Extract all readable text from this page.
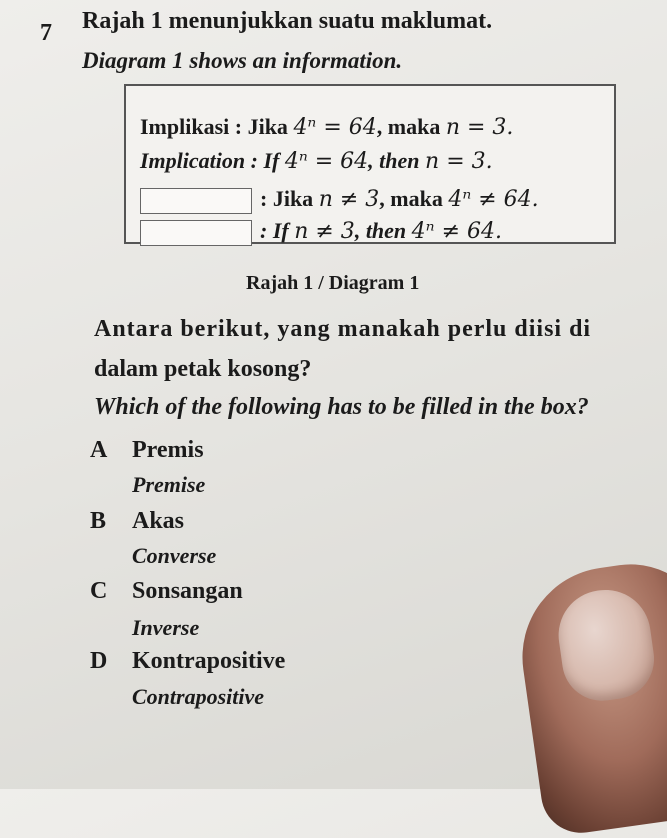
7 Rajah 1 menunjukkan suatu maklumat.
Diagram 1 shows an information.
Implikasi : Jika 4ⁿ = 64, maka n = 3.
Implication : If 4ⁿ = 64, then n = 3.
: Jika n ≠ 3, maka 4ⁿ ≠ 64.
: If n ≠ 3, then 4ⁿ ≠ 64.
Rajah 1 / Diagram 1
Antara berikut, yang manakah perlu diisi di
dalam petak kosong?
Which of the following has to be filled in the box?
A Premis
Premise
B Akas
Converse
C Sonsangan
Inverse
D Kontrapositive
Contrapositive
